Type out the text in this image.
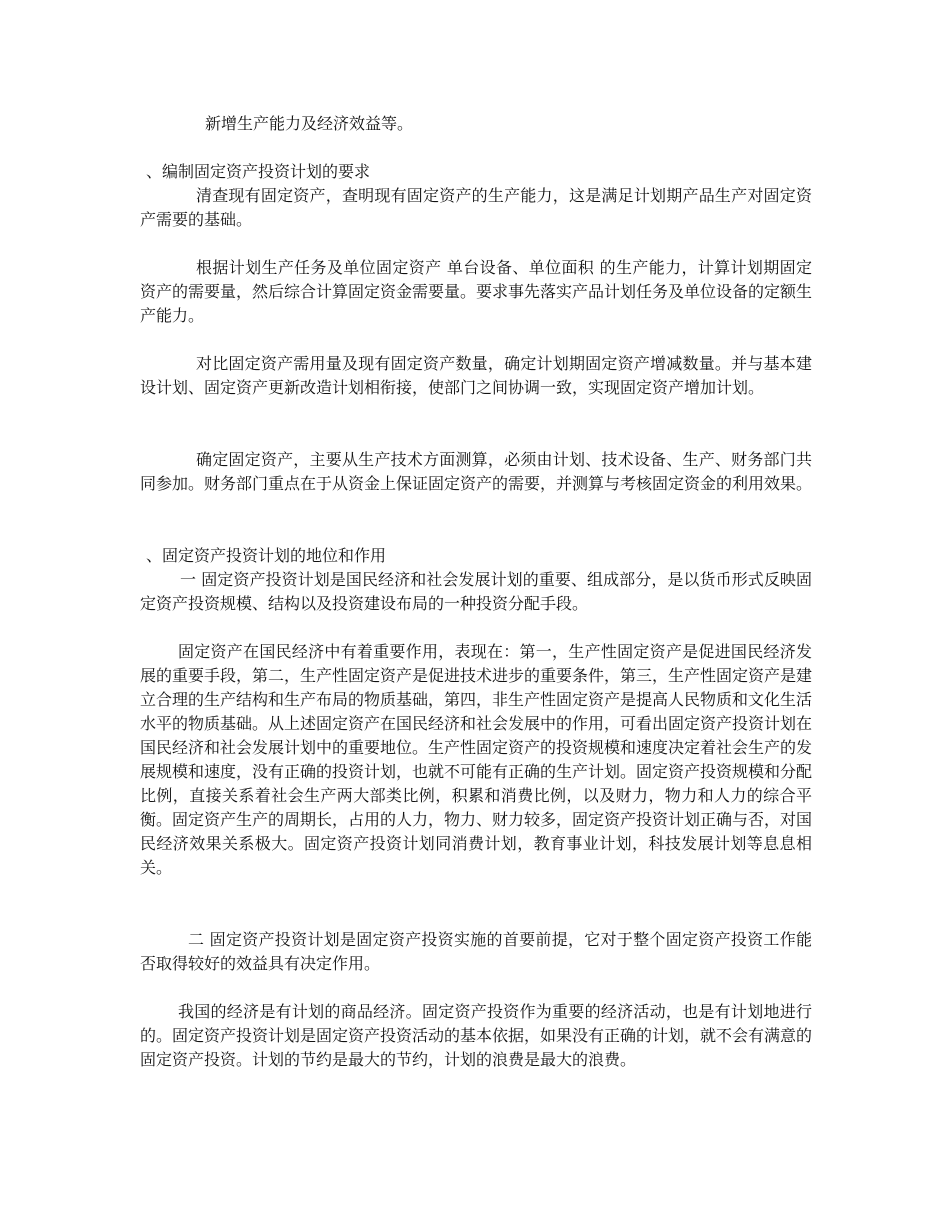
新增生产能力及经济效益等。

、编制固定资产投资计划的要求

清查现有固定资产，查明现有固定资产的生产能力，这是满足计划期产品生产对固定资产需要的基础。

根据计划生产任务及单位固定资产 单台设备、单位面积 的生产能力，计算计划期固定资产的需要量，然后综合计算固定资金需要量。要求事先落实产品计划任务及单位设备的定额生产能力。

对比固定资产需用量及现有固定资产数量，确定计划期固定资产增减数量。并与基本建设计划、固定资产更新改造计划相衔接，使部门之间协调一致，实现固定资产增加计划。

确定固定资产，主要从生产技术方面测算，必须由计划、技术设备、生产、财务部门共同参加。财务部门重点在于从资金上保证固定资产的需要，并测算与考核固定资金的利用效果。

、固定资产投资计划的地位和作用

一 固定资产投资计划是国民经济和社会发展计划的重要、组成部分，是以货币形式反映固定资产投资规模、结构以及投资建设布局的一种投资分配手段。

固定资产在国民经济中有着重要作用，表现在：第一，生产性固定资产是促进国民经济发展的重要手段，第二，生产性固定资产是促进技术进步的重要条件，第三，生产性固定资产是建立合理的生产结构和生产布局的物质基础，第四，非生产性固定资产是提高人民物质和文化生活水平的物质基础。从上述固定资产在国民经济和社会发展中的作用，可看出固定资产投资计划在国民经济和社会发展计划中的重要地位。生产性固定资产的投资规模和速度决定着社会生产的发展规模和速度，没有正确的投资计划，也就不可能有正确的生产计划。固定资产投资规模和分配比例，直接关系着社会生产两大部类比例，积累和消费比例，以及财力，物力和人力的综合平衡。固定资产生产的周期长，占用的人力，物力、财力较多，固定资产投资计划正确与否，对国民经济效果关系极大。固定资产投资计划同消费计划，教育事业计划，科技发展计划等息息相关。

二 固定资产投资计划是固定资产投资实施的首要前提，它对于整个固定资产投资工作能否取得较好的效益具有决定作用。

我国的经济是有计划的商品经济。固定资产投资作为重要的经济活动，也是有计划地进行的。固定资产投资计划是固定资产投资活动的基本依据，如果没有正确的计划，就不会有满意的固定资产投资。计划的节约是最大的节约，计划的浪费是最大的浪费。
